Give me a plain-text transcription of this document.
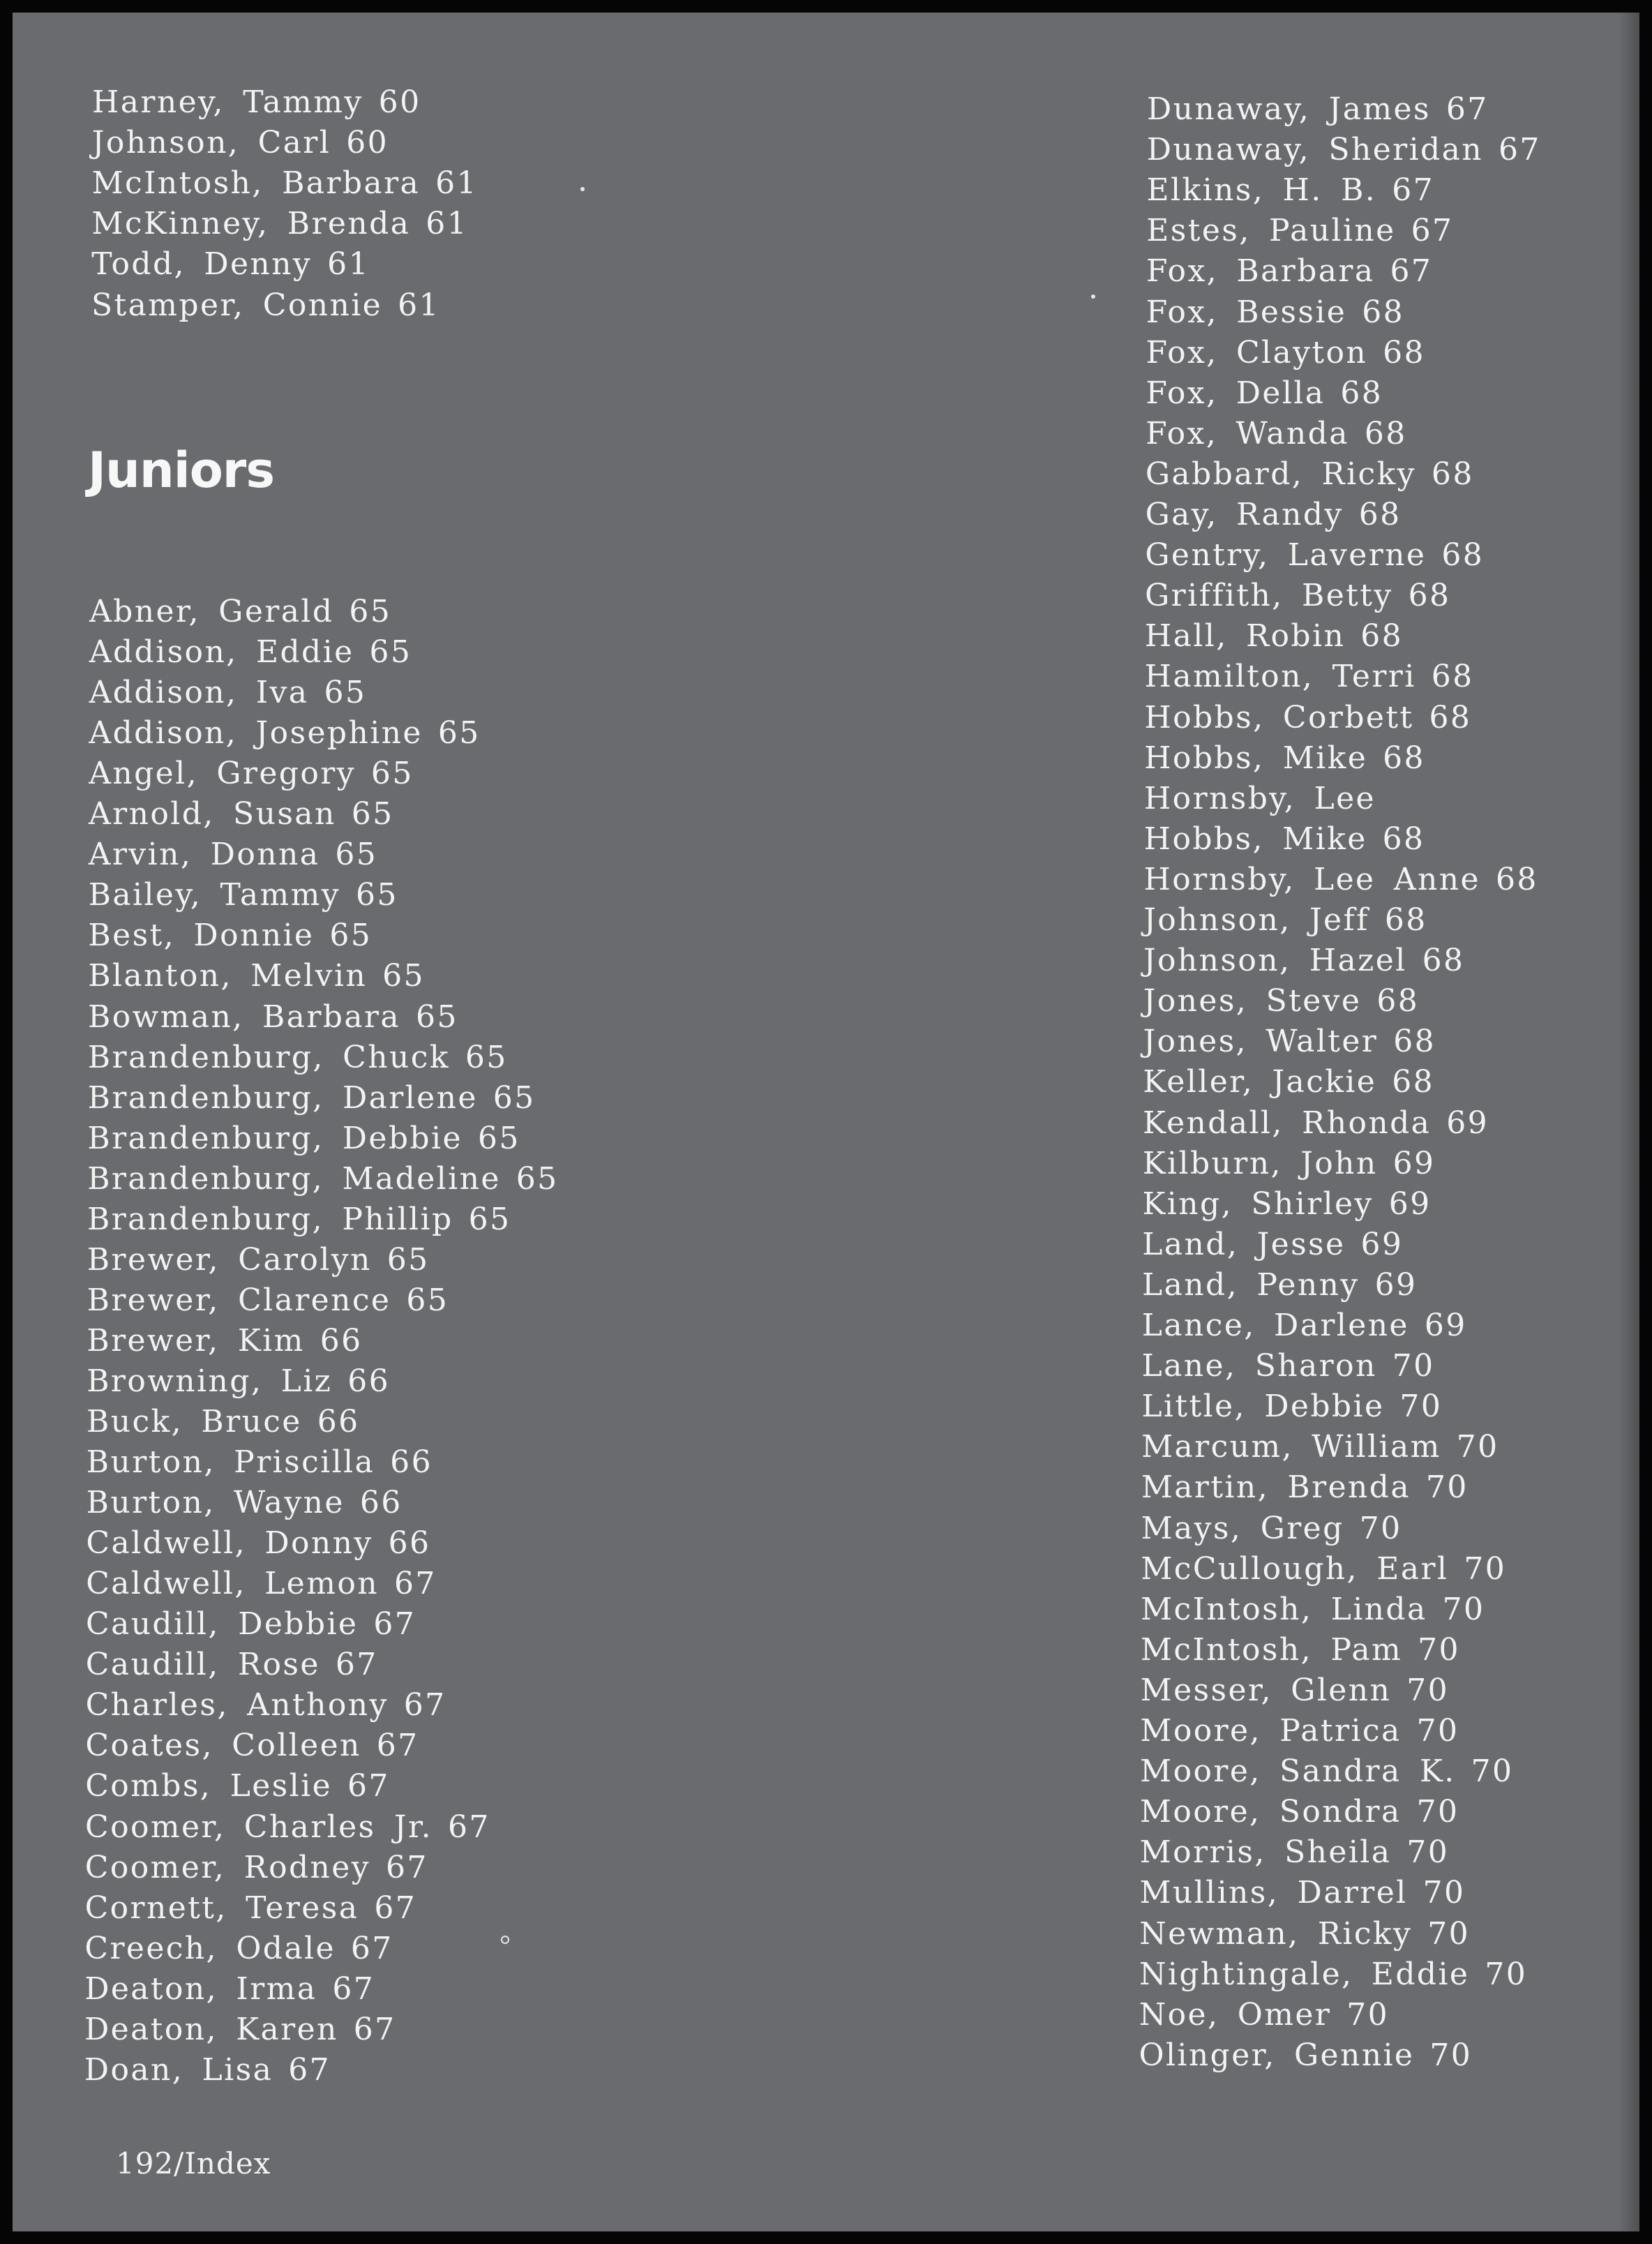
Harney, Tammy 60
Johnson, Carl 60
McIntosh, Barbara 61
McKinney, Brenda 61
Todd, Denny 61
Stamper, Connie 61
Juniors
Abner, Gerald 65
Addison, Eddie 65
Addison, Iva 65
Addison, Josephine 65
Angel, Gregory 65
Arnold, Susan 65
Arvin, Donna 65
Bailey, Tammy 65
Best, Donnie 65
Blanton, Melvin 65
Bowman, Barbara 65
Brandenburg, Chuck 65
Brandenburg, Darlene 65
Brandenburg, Debbie 65
Brandenburg, Madeline 65
Brandenburg, Phillip 65
Brewer, Carolyn 65
Brewer, Clarence 65
Brewer, Kim 66
Browning, Liz 66
Buck, Bruce 66
Burton, Priscilla 66
Burton, Wayne 66
Caldwell, Donny 66
Caldwell, Lemon 67
Caudill, Debbie 67
Caudill, Rose 67
Charles, Anthony 67
Coates, Colleen 67
Combs, Leslie 67
Coomer, Charles Jr. 67
Coomer, Rodney 67
Cornett, Teresa 67
Creech, Odale 67
Deaton, Irma 67
Deaton, Karen 67
Doan, Lisa 67
Dunaway, James 67
Dunaway, Sheridan 67
Elkins, H. B. 67
Estes, Pauline 67
Fox, Barbara 67
Fox, Bessie 68
Fox, Clayton 68
Fox, Della 68
Fox, Wanda 68
Gabbard, Ricky 68
Gay, Randy 68
Gentry, Laverne 68
Griffith, Betty 68
Hall, Robin 68
Hamilton, Terri 68
Hobbs, Corbett 68
Hobbs, Mike 68
Hornsby, Lee
Hobbs, Mike 68
Hornsby, Lee Anne 68
Johnson, Jeff 68
Johnson, Hazel 68
Jones, Steve 68
Jones, Walter 68
Keller, Jackie 68
Kendall, Rhonda 69
Kilburn, John 69
King, Shirley 69
Land, Jesse 69
Land, Penny 69
Lance, Darlene 69
Lane, Sharon 70
Little, Debbie 70
Marcum, William 70
Martin, Brenda 70
Mays, Greg 70
McCullough, Earl 70
McIntosh, Linda 70
McIntosh, Pam 70
Messer, Glenn 70
Moore, Patrica 70
Moore, Sandra K. 70
Moore, Sondra 70
Morris, Sheila 70
Mullins, Darrel 70
Newman, Ricky 70
Nightingale, Eddie 70
Noe, Omer 70
Olinger, Gennie 70
192/Index
